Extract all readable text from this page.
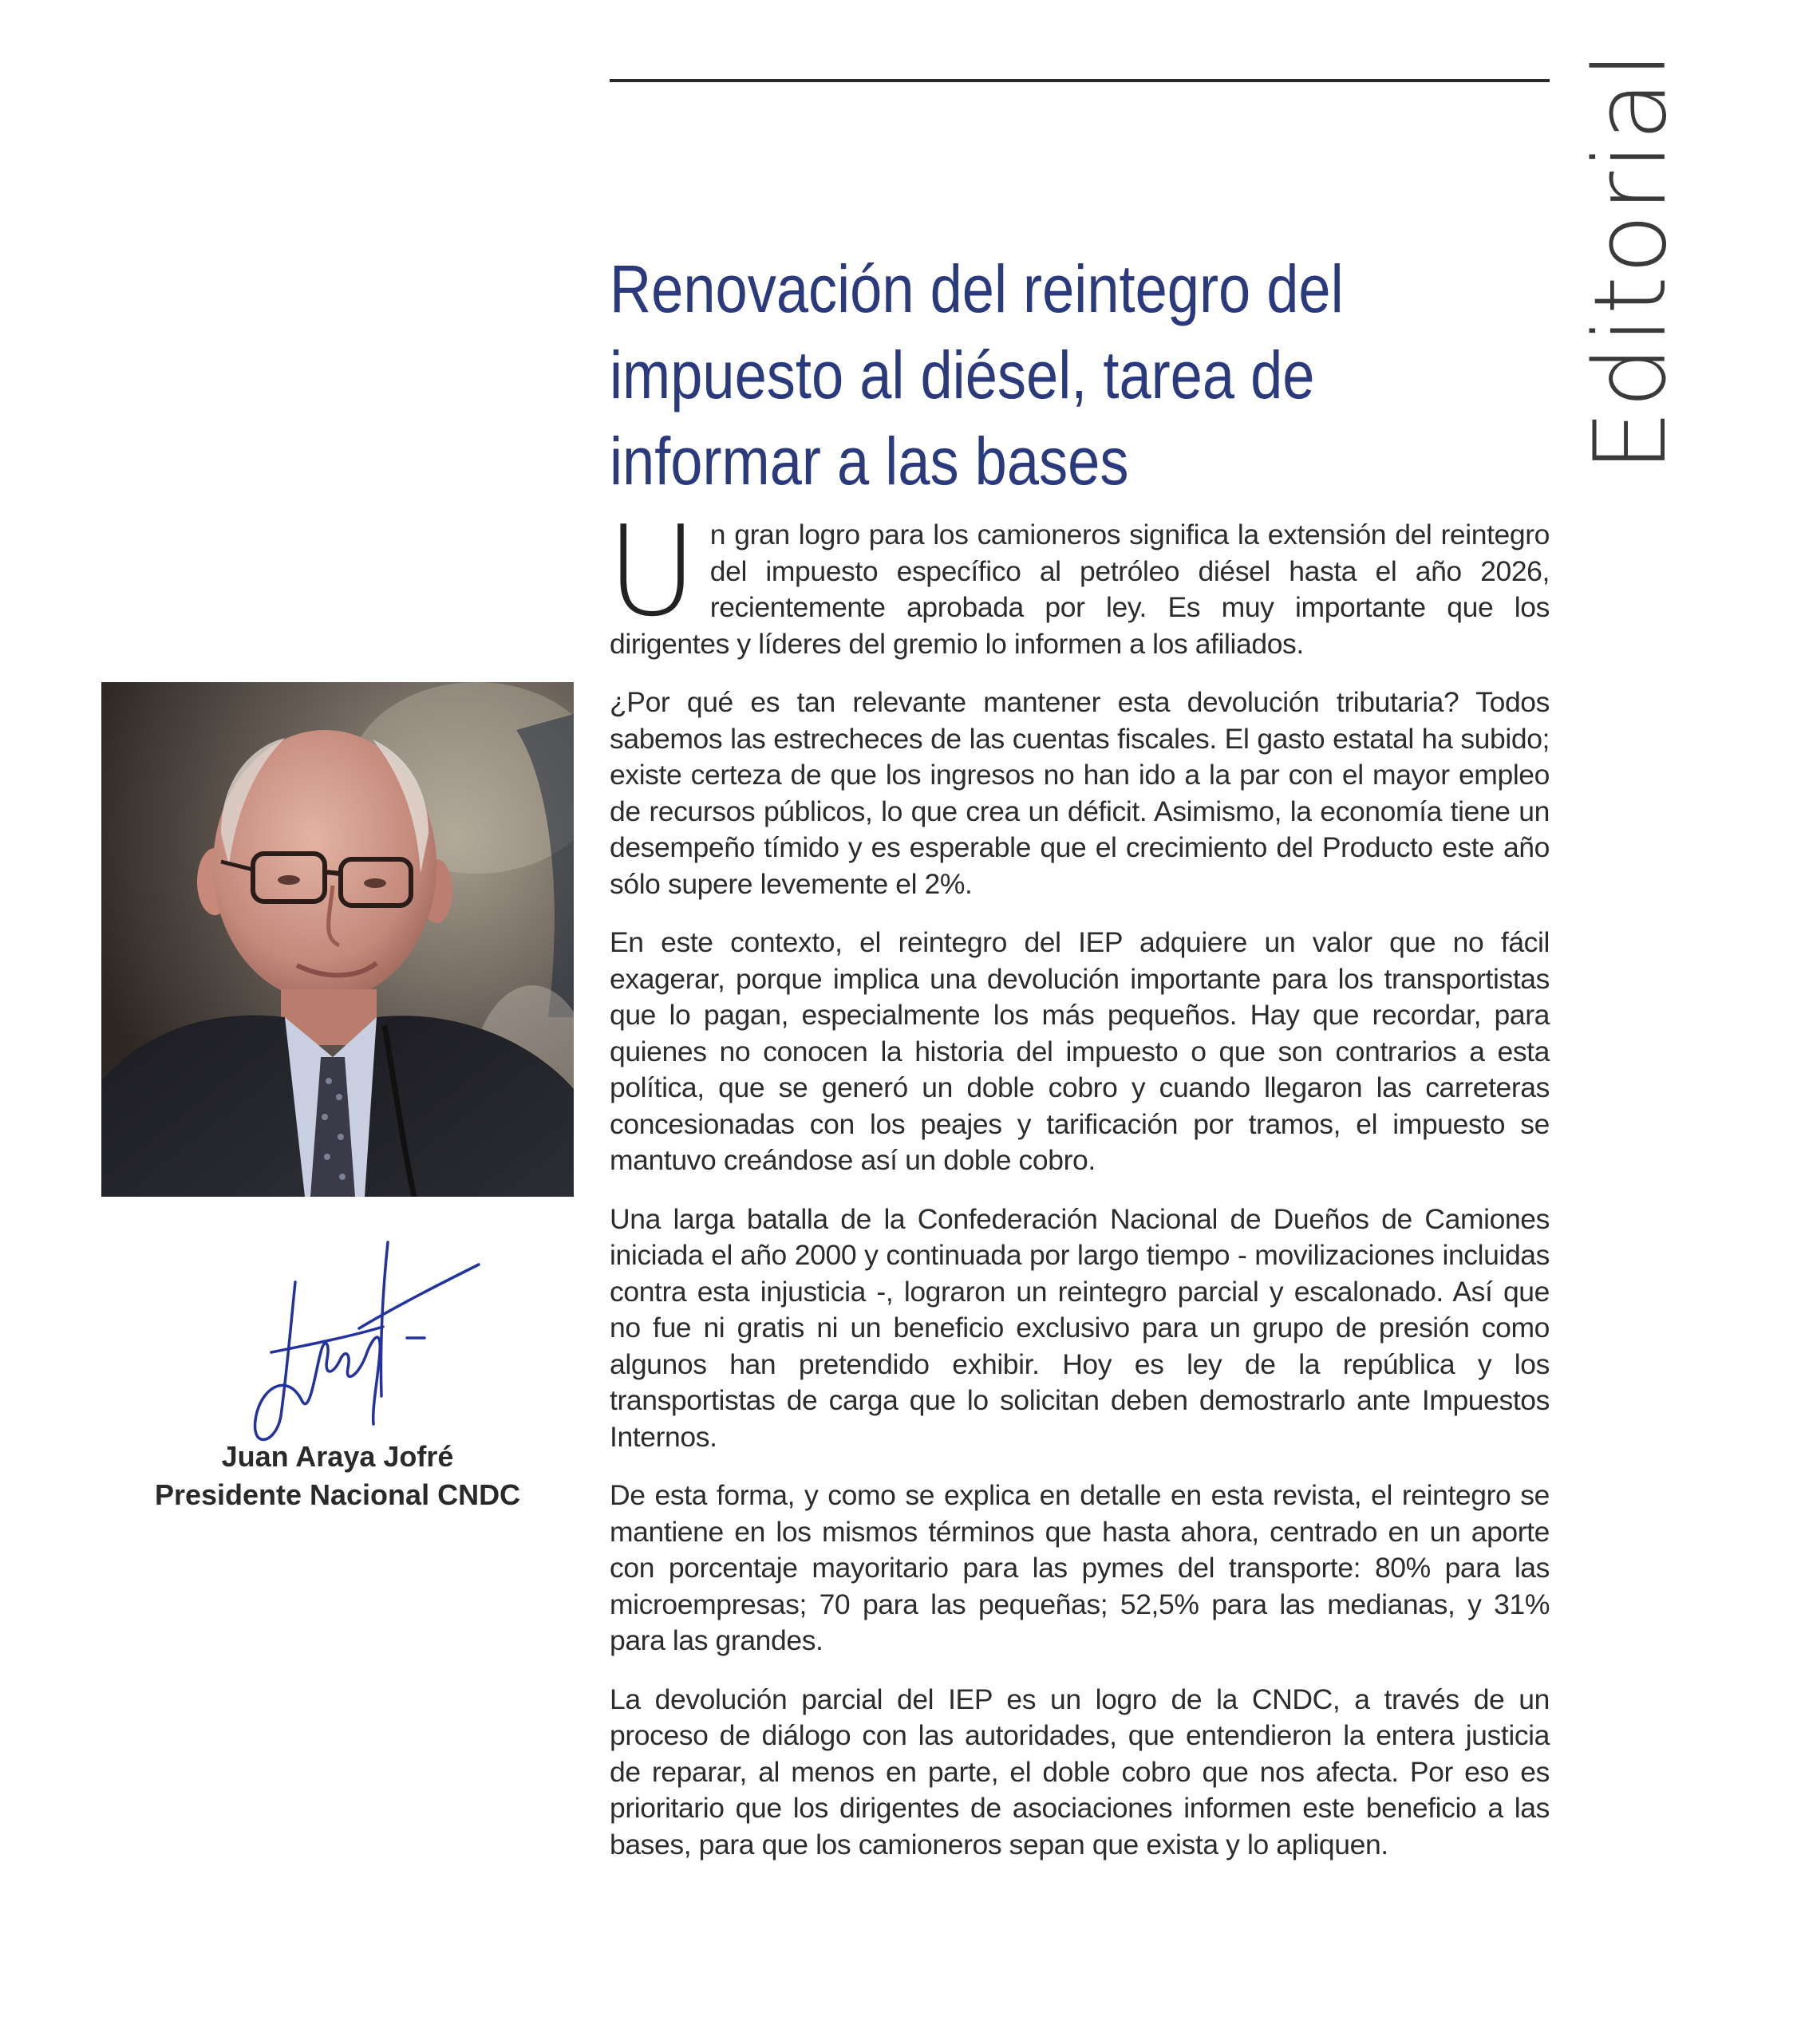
Editorial
Renovación del reintegro del
impuesto al diésel, tarea de
informar a las bases

Un gran logro para los camioneros significa la extensión del reintegro del impuesto específico al petróleo diésel hasta el año 2026, recientemente aprobada por ley. Es muy importante que los dirigentes y líderes del gremio lo informen a los afiliados.

¿Por qué es tan relevante mantener esta devolución tributaria? Todos sabemos las estrecheces de las cuentas fiscales. El gasto estatal ha subido; existe certeza de que los ingresos no han ido a la par con el mayor empleo de recursos públicos, lo que crea un déficit. Asimismo, la economía tiene un desempeño tímido y es esperable que el crecimiento del Producto este año sólo supere levemente el 2%.

En este contexto, el reintegro del IEP adquiere un valor que no fácil exagerar, porque implica una devolución importante para los transportistas que lo pagan, especialmente los más pequeños. Hay que recordar, para quienes no conocen la historia del impuesto o que son contrarios a esta política, que se generó un doble cobro y cuando llegaron las carreteras concesionadas con los peajes y tarificación por tramos, el impuesto se mantuvo creándose así un doble cobro.

Una larga batalla de la Confederación Nacional de Dueños de Camiones iniciada el año 2000 y continuada por largo tiempo - movilizaciones incluidas contra esta injusticia -, lograron un reintegro parcial y escalonado. Así que no fue ni gratis ni un beneficio exclusivo para un grupo de presión como algunos han pretendido exhibir. Hoy es ley de la república y los transportistas de carga que lo solicitan deben demostrarlo ante Impuestos Internos.

De esta forma, y como se explica en detalle en esta revista, el reintegro se mantiene en los mismos términos que hasta ahora, centrado en un aporte con porcentaje mayoritario para las pymes del transporte: 80% para las microempresas; 70 para las pequeñas; 52,5% para las medianas, y 31% para las grandes.

La devolución parcial del IEP es un logro de la CNDC, a través de un proceso de diálogo con las autoridades, que entendieron la entera justicia de reparar, al menos en parte, el doble cobro que nos afecta. Por eso es prioritario que los dirigentes de asociaciones informen este beneficio a las bases, para que los camioneros sepan que exista y lo apliquen.

Juan Araya Jofré
Presidente Nacional CNDC
